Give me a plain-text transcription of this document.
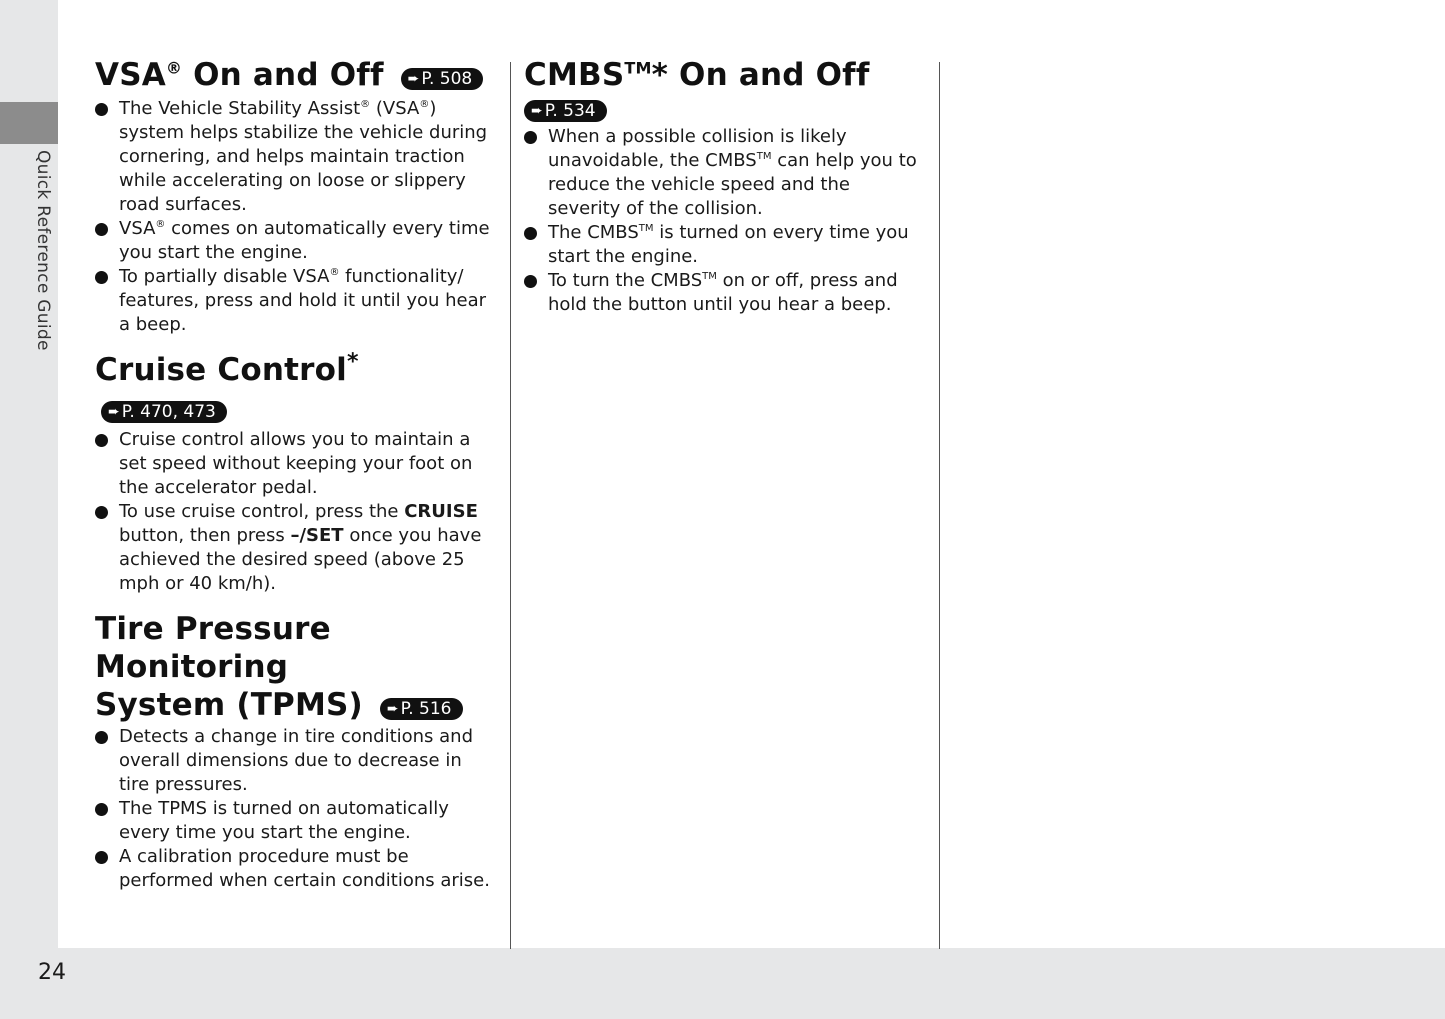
Quick Reference Guide
24
VSA® On and Off ➨ P. 508
The Vehicle Stability Assist® (VSA®) system helps stabilize the vehicle during cornering, and helps maintain traction while accelerating on loose or slippery road surfaces.
VSA® comes on automatically every time you start the engine.
To partially disable VSA® functionality/ features, press and hold it until you hear a beep.
Cruise Control*
➨ P. 470, 473
Cruise control allows you to maintain a set speed without keeping your foot on the accelerator pedal.
To use cruise control, press the CRUISE button, then press –/SET once you have achieved the desired speed (above 25 mph or 40 km/h).
Tire Pressure Monitoring
System (TPMS) ➨ P. 516
Detects a change in tire conditions and overall dimensions due to decrease in tire pressures.
The TPMS is turned on automatically every time you start the engine.
A calibration procedure must be performed when certain conditions arise.
CMBS™* On and Off
➨ P. 534
When a possible collision is likely unavoidable, the CMBS™ can help you to reduce the vehicle speed and the severity of the collision.
The CMBS™ is turned on every time you start the engine.
To turn the CMBS™ on or off, press and hold the button until you hear a beep.
